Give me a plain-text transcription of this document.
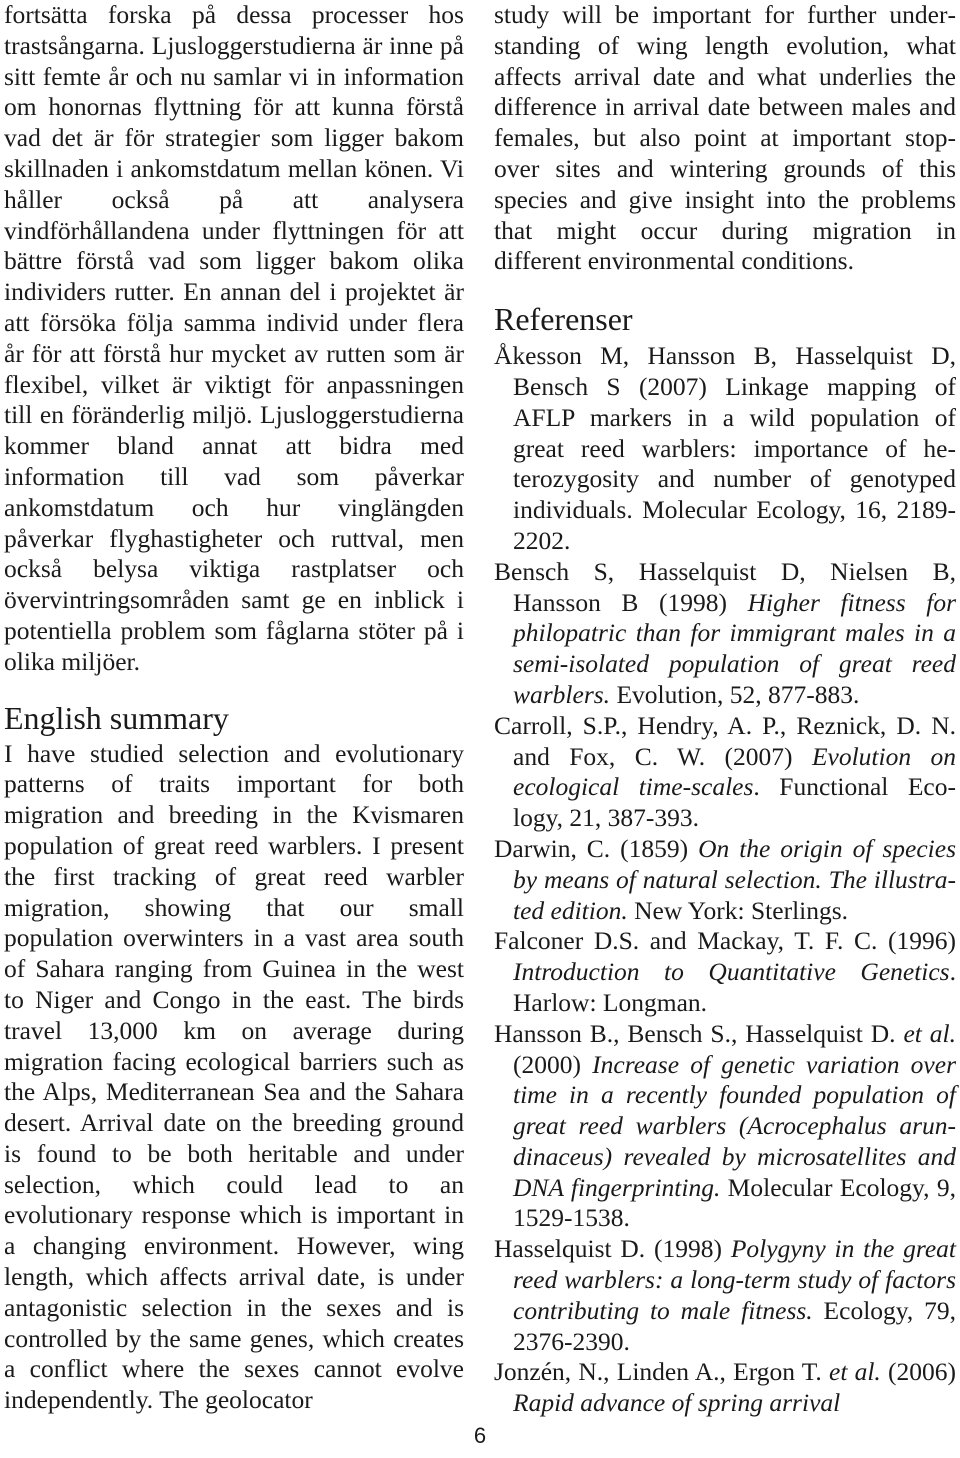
fortsätta forska på dessa processer hos trastsångarna. Ljusloggerstudierna är inne på sitt femte år och nu samlar vi in information om honornas flyttning för att kunna förstå vad det är för strategier som ligger bakom skillnaden i ankomstdatum mellan könen. Vi håller också på att analysera vindförhållandena under flyttningen för att bättre förstå vad som ligger bakom olika individers rutter. En annan del i projektet är att försöka följa samma individ under flera år för att förstå hur mycket av rutten som är flexibel, vilket är viktigt för anpassningen till en föränderlig miljö. Ljusloggerstudierna kommer bland annat att bidra med information till vad som påverkar ankomstdatum och hur vinglängden påverkar flyghastigheter och ruttval, men också belysa viktiga rastplatser och övervintringsområden samt ge en inblick i potentiella problem som fåglarna stöter på i olika miljöer.

English summary

I have studied selection and evolutionary patterns of traits important for both migration and breeding in the Kvismaren population of great reed warblers. I present the first tracking of great reed warbler migration, showing that our small population overwinters in a vast area south of Sahara ranging from Guinea in the west to Niger and Congo in the east. The birds travel 13,000 km on average during migration facing ecological barriers such as the Alps, Mediterranean Sea and the Sahara desert. Arrival date on the breeding ground is found to be both heritable and under selection, which could lead to an evolutionary response which is important in a changing environment. However, wing length, which affects arrival date, is under antagonistic selection in the sexes and is controlled by the same genes, which creates a conflict where the sexes cannot evolve independently. The geolocator

study will be important for further understanding of wing length evolution, what affects arrival date and what underlies the difference in arrival date between males and females, but also point at important stop-over sites and wintering grounds of this species and give insight into the problems that might occur during migration in different environmental conditions.

Referenser

Åkesson M, Hansson B, Hasselquist D, Bensch S (2007) Linkage mapping of AFLP markers in a wild population of great reed warblers: importance of heterozygosity and number of genotyped individuals. Molecular Ecology, 16, 2189-2202.

Bensch S, Hasselquist D, Nielsen B, Hansson B (1998) Higher fitness for philopatric than for immigrant males in a semi-isolated population of great reed warblers. Evolution, 52, 877-883.

Carroll, S.P., Hendry, A. P., Reznick, D. N. and Fox, C. W. (2007) Evolution on ecological time-scales. Functional Ecology, 21, 387-393.

Darwin, C. (1859) On the origin of species by means of natural selection. The illustrated edition. New York: Sterlings.

Falconer D.S. and Mackay, T. F. C. (1996) Introduction to Quantitative Genetics. Harlow: Longman.

Hansson B., Bensch S., Hasselquist D. et al. (2000) Increase of genetic variation over time in a recently founded population of great reed warblers (Acrocephalus arundinaceus) revealed by microsatellites and DNA fingerprinting. Molecular Ecology, 9, 1529-1538.

Hasselquist D. (1998) Polygyny in the great reed warblers: a long-term study of factors contributing to male fitness. Ecology, 79, 2376-2390.

Jonzén, N., Linden A., Ergon T. et al. (2006) Rapid advance of spring arrival

6
